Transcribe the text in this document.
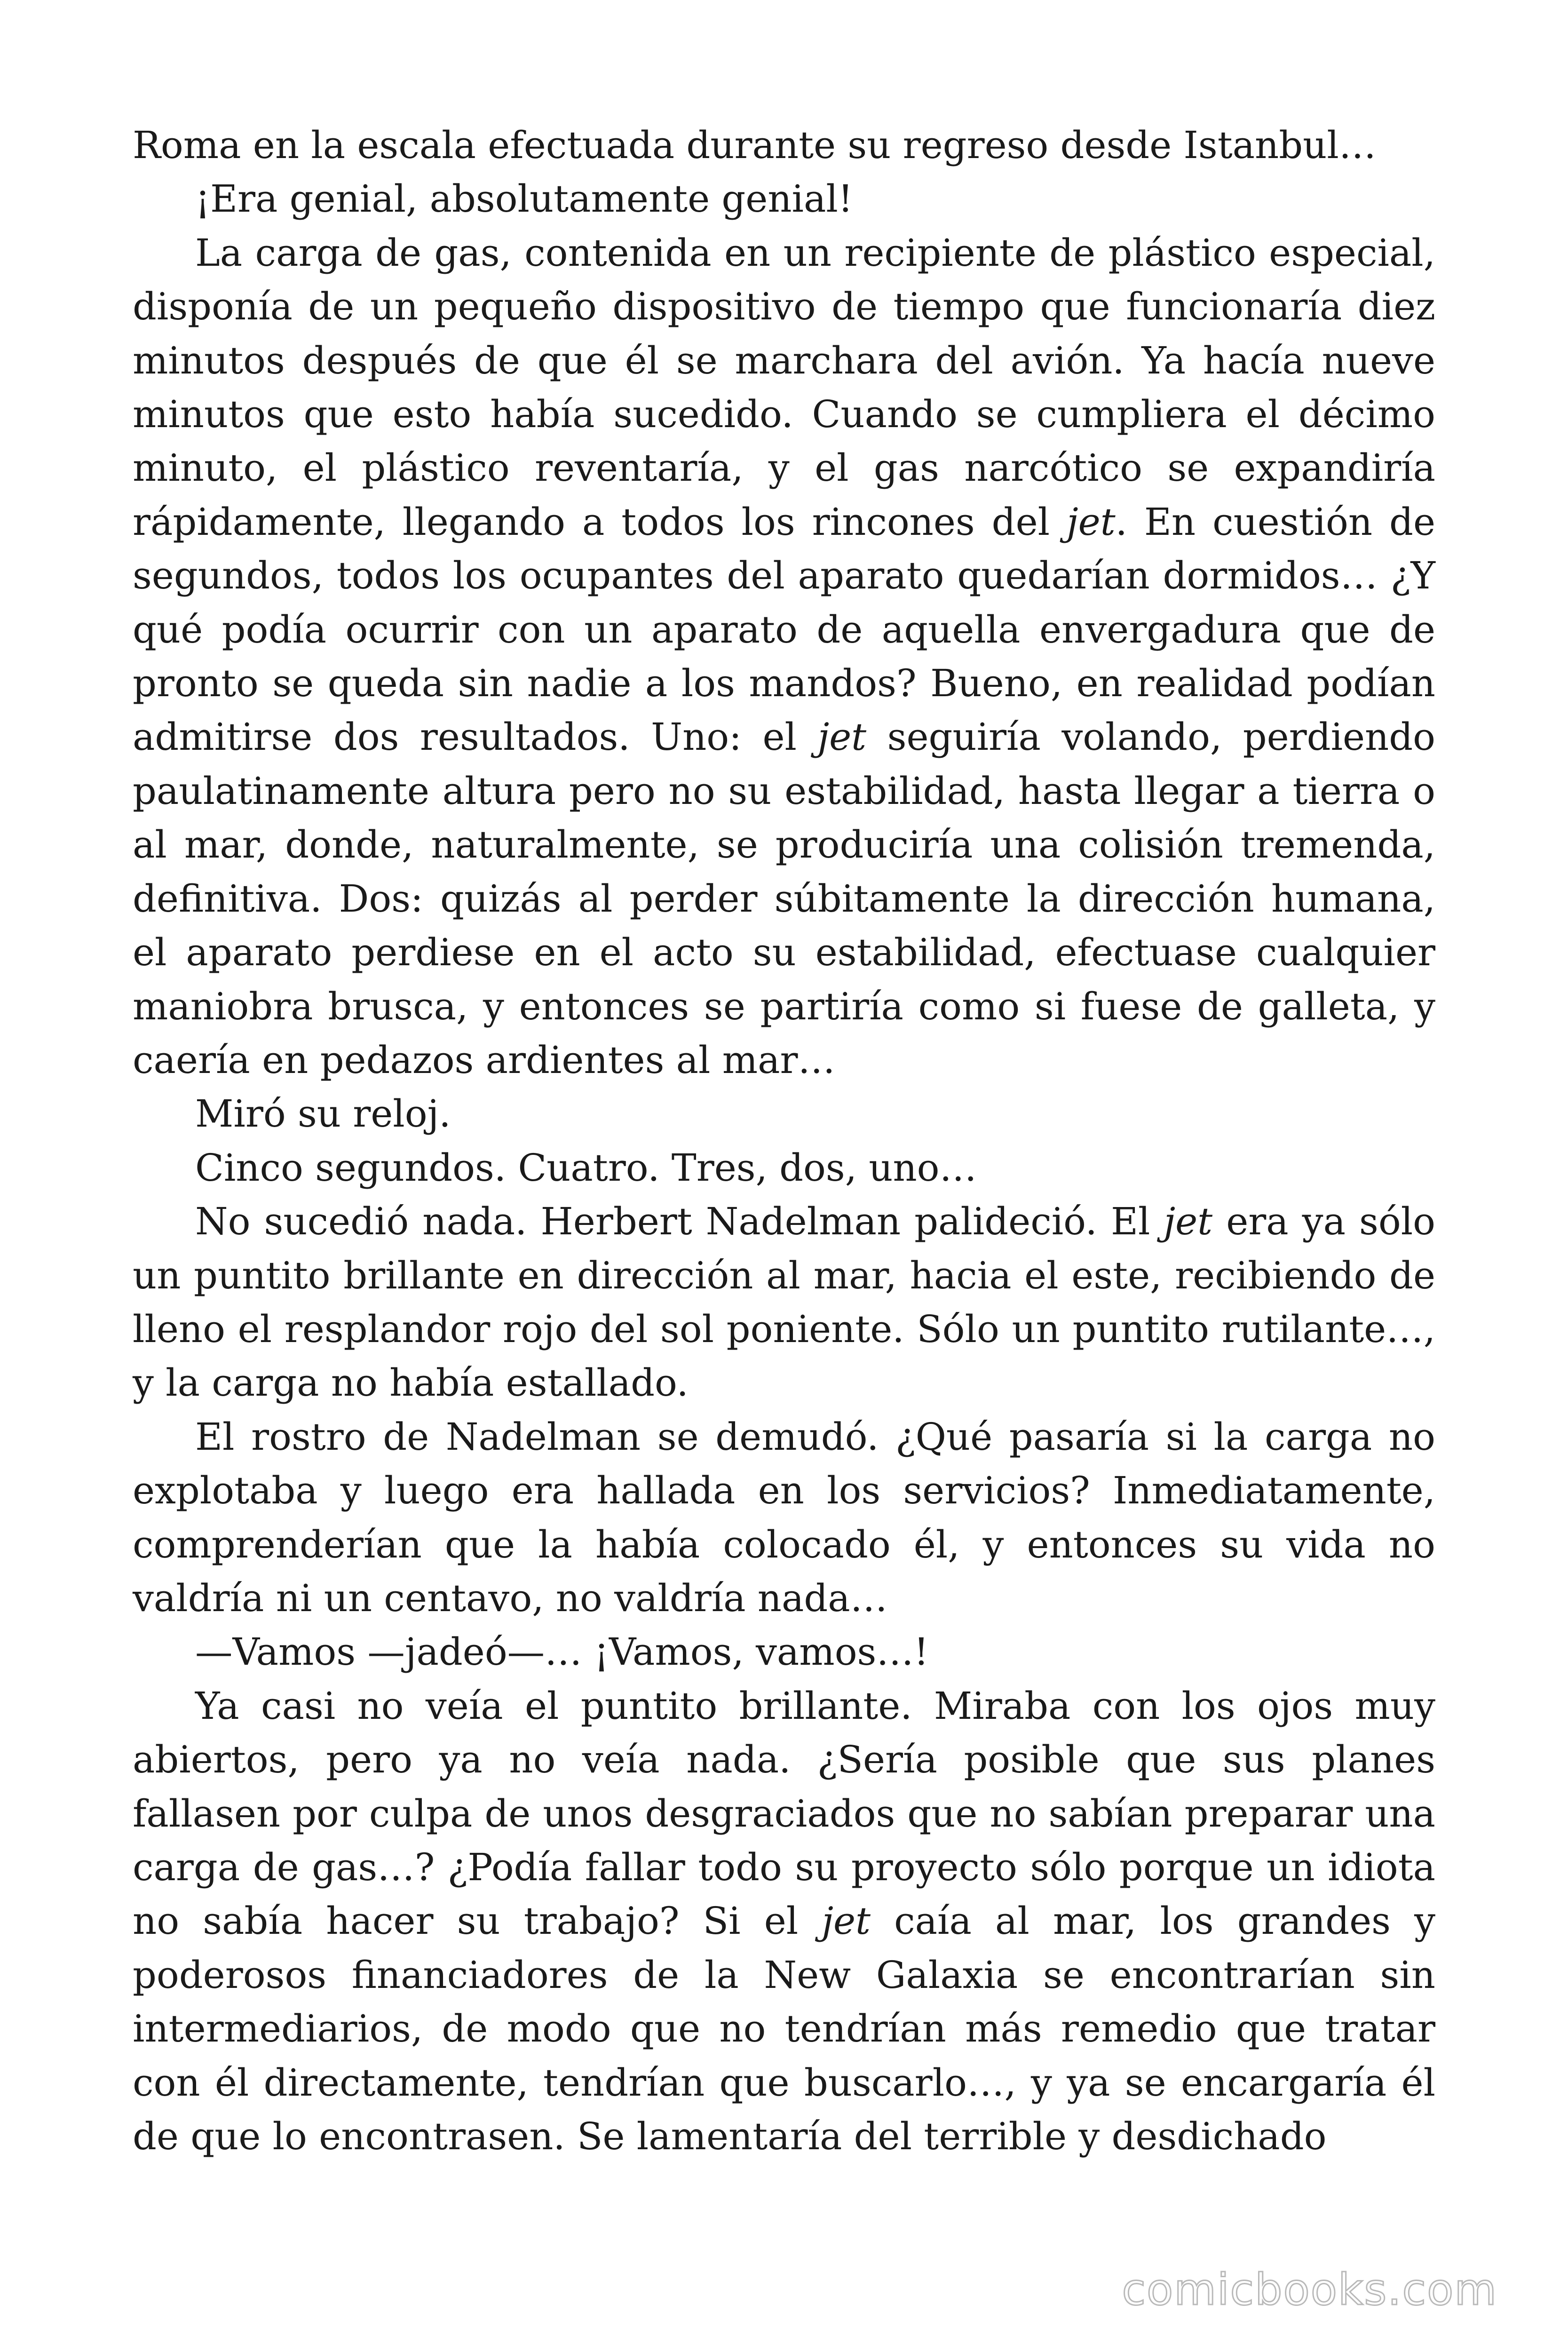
Roma en la escala efectuada durante su regreso desde Istanbul…

¡Era genial, absolutamente genial!

La carga de gas, contenida en un recipiente de plástico especial, disponía de un pequeño dispositivo de tiempo que funcionaría diez minutos después de que él se marchara del avión. Ya hacía nueve minutos que esto había sucedido. Cuando se cumpliera el décimo minuto, el plástico reventaría, y el gas narcótico se expandiría rápidamente, llegando a todos los rincones del jet. En cuestión de segundos, todos los ocupantes del aparato quedarían dormidos… ¿Y qué podía ocurrir con un aparato de aquella envergadura que de pronto se queda sin nadie a los mandos? Bueno, en realidad podían admitirse dos resultados. Uno: el jet seguiría volando, perdiendo paulatinamente altura pero no su estabilidad, hasta llegar a tierra o al mar, donde, naturalmente, se produciría una colisión tremenda, definitiva. Dos: quizás al perder súbitamente la dirección humana, el aparato perdiese en el acto su estabilidad, efectuase cualquier maniobra brusca, y entonces se partiría como si fuese de galleta, y caería en pedazos ardientes al mar…

Miró su reloj.

Cinco segundos. Cuatro. Tres, dos, uno…

No sucedió nada. Herbert Nadelman palideció. El jet era ya sólo un puntito brillante en dirección al mar, hacia el este, recibiendo de lleno el resplandor rojo del sol poniente. Sólo un puntito rutilante…, y la carga no había estallado.

El rostro de Nadelman se demudó. ¿Qué pasaría si la carga no explotaba y luego era hallada en los servicios? Inmediatamente, comprenderían que la había colocado él, y entonces su vida no valdría ni un centavo, no valdría nada…

—Vamos —jadeó—… ¡Vamos, vamos…!

Ya casi no veía el puntito brillante. Miraba con los ojos muy abiertos, pero ya no veía nada. ¿Sería posible que sus planes fallasen por culpa de unos desgraciados que no sabían preparar una carga de gas…? ¿Podía fallar todo su proyecto sólo porque un idiota no sabía hacer su trabajo? Si el jet caía al mar, los grandes y poderosos financiadores de la New Galaxia se encontrarían sin intermediarios, de modo que no tendrían más remedio que tratar con él directamente, tendrían que buscarlo…, y ya se encargaría él de que lo encontrasen. Se lamentaría del terrible y desdichado

comicbooks.com
